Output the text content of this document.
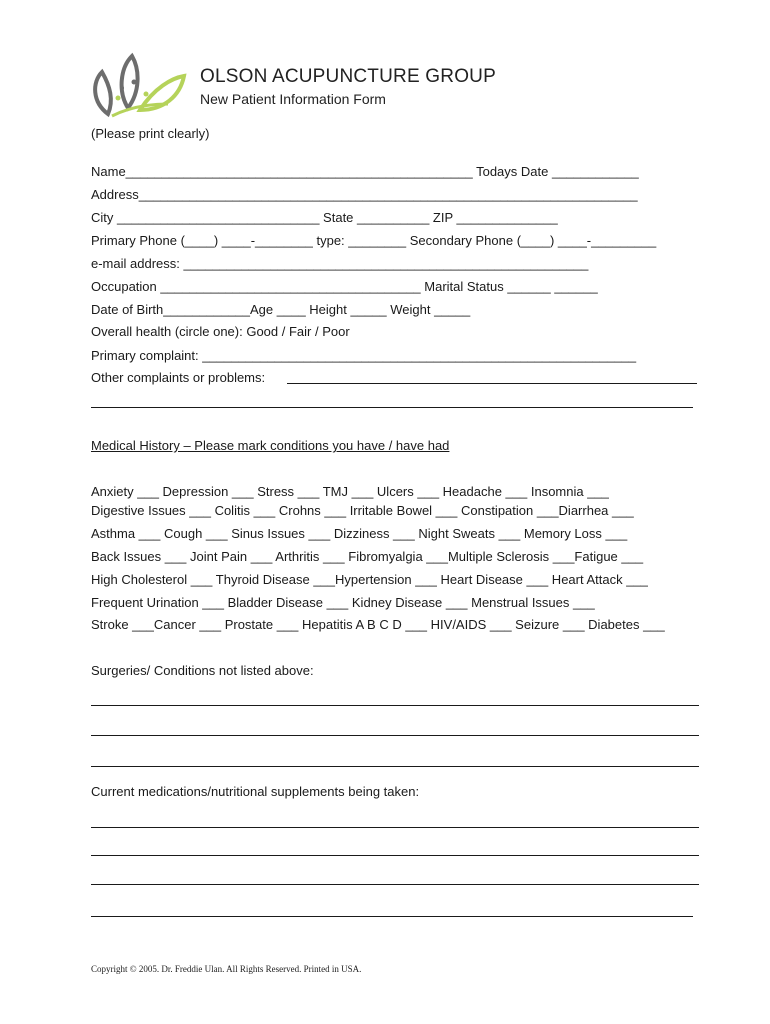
OLSON ACUPUNCTURE GROUP
New Patient Information Form
(Please print clearly)
Name________________________________________________ Todays Date ____________
Address_____________________________________________________________________
City ____________________________ State __________ ZIP ______________
Primary Phone (____) ____-________ type: ________ Secondary Phone (____) ____-_________
e-mail address: ________________________________________________________
Occupation ____________________________________ Marital Status ______ ______
Date of Birth____________Age ____ Height _____ Weight _____
Overall health (circle one): Good / Fair / Poor
Primary complaint: ____________________________________________________________
Other complaints or problems:
Medical History – Please mark conditions you have / have had
Anxiety ___ Depression ___ Stress ___ TMJ ___ Ulcers ___ Headache ___ Insomnia ___
Digestive Issues ___ Colitis ___ Crohns ___ Irritable Bowel ___ Constipation ___Diarrhea ___
Asthma ___ Cough ___ Sinus Issues ___ Dizziness ___ Night Sweats ___ Memory Loss ___
Back Issues ___ Joint Pain ___ Arthritis ___ Fibromyalgia ___Multiple Sclerosis ___Fatigue ___
High Cholesterol ___ Thyroid Disease ___Hypertension ___ Heart Disease ___ Heart Attack ___
Frequent Urination ___ Bladder Disease ___ Kidney Disease ___ Menstrual Issues ___
Stroke ___Cancer ___ Prostate ___ Hepatitis A B C D ___ HIV/AIDS ___ Seizure ___ Diabetes ___
Surgeries/ Conditions not listed above:
Current medications/nutritional supplements being taken:
Copyright © 2005. Dr. Freddie Ulan. All Rights Reserved. Printed in USA.
